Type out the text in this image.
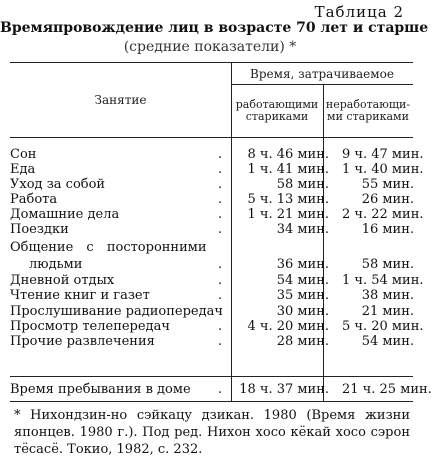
Таблица 2
Времяпровождение лиц в возрасте 70 лет и старше
(средние показатели) *
Занятие
Время, затрачиваемое
работающими
стариками
неработающи-
ми стариками
Сон	.	8 ч. 46 мин. 9 ч. 47 мин.
Еда	.	1 ч. 41 мин. 1 ч. 40 мин.
Уход за собой	.	58 мин.	55 мин.
Работа	.	5 ч. 13 мин.	26 мин.
Домашние дела	.	1 ч. 21 мин. 2 ч. 22 мин.
Поездки	.	34 мин.	16 мин.
Общение с посторонними
людьми	.	36 мин.	58 мин.
Дневной отдых	.	54 мин. 1 ч. 54 мин.
Чтение книг и газет	.	35 мин.	38 мин.
Прослушивание радиопередач	30 мин.	21 мин.
Просмотр телепередач	.	4 ч. 20 мин. 5 ч. 20 мин.
Прочие развлечения	.	28 мин.	54 мин.
Время пребывания в доме .	18 ч. 37 мин. 21 ч. 25 мин.
* Нихондзин-но сэйкацу дзикан. 1980 (Время жизни японцев. 1980 г.). Под ред. Нихон хосо кёкай хосо сэрон тёсасё. Токио, 1982, с. 232.
